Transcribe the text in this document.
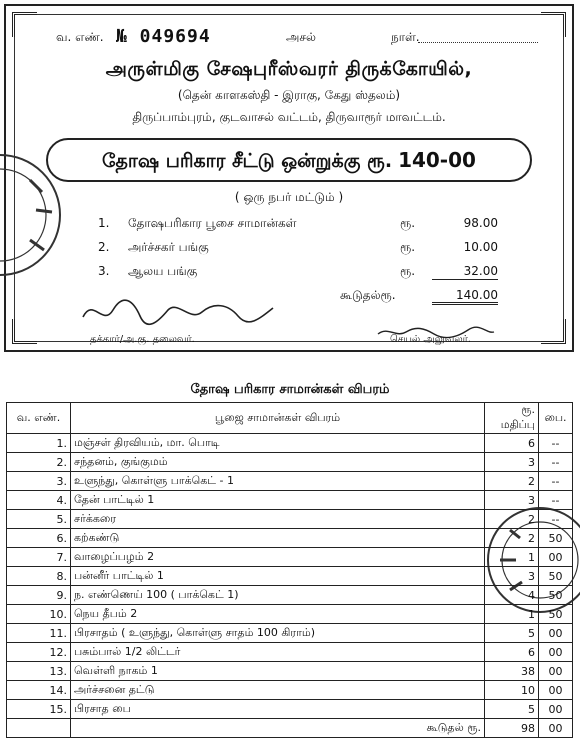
வ. எண். № 049694	அசல்	நாள்.
அருள்மிகு சேஷபுரீஸ்வரர் திருக்கோயில்,
(தென் காளகஸ்தி - இராகு, கேது ஸ்தலம்)
திருப்பாம்புரம், குடவாசல் வட்டம், திருவாரூர் மாவட்டம்.
தோஷ பரிகார சீட்டு ஒன்றுக்கு ரூ. 140-00
( ஒரு நபர் மட்டும் )
1. தோஷபரிகார பூசை சாமான்கள்	ரூ.	98.00
2. அர்ச்சகர் பங்கு	ரூ.	10.00
3. ஆலய பங்கு	ரூ.	32.00
கூடுதல்ரூ.	140.00
தக்கார்/அ.கு. தலைவர்.	செயல் அலுவலர்.
தோஷ பரிகார சாமான்கள் விபரம்
வ. எண்.	பூஜை சாமான்கள் விபரம்	ரூ. மதிப்பு	பை.
1.	மஞ்சள் திரவியம், மா. பொடி	6	--
2.	சந்தனம், குங்குமம்	3	--
3.	உளுந்து, கொள்ளு பாக்கெட் - 1	2	--
4.	தேன் பாட்டில் 1	3	--
5.	சர்க்கரை	2	--
6.	கற்கண்டு	2	50
7.	வாழைப்பழம் 2	1	00
8.	பன்னீர் பாட்டில் 1	3	50
9.	ந. எண்ணெய் 100 ( பாக்கெட் 1)	4	50
10.	நெய தீபம் 2	1	50
11.	பிரசாதம் ( உளுந்து, கொள்ளு சாதம் 100 கிராம்)	5	00
12.	பசும்பால் 1/2 லிட்டர்	6	00
13.	வெள்ளி நாகம் 1	38	00
14.	அர்ச்சனை தட்டு	10	00
15.	பிரசாத பை	5	00
	கூடுதல் ரூ.	98	00
